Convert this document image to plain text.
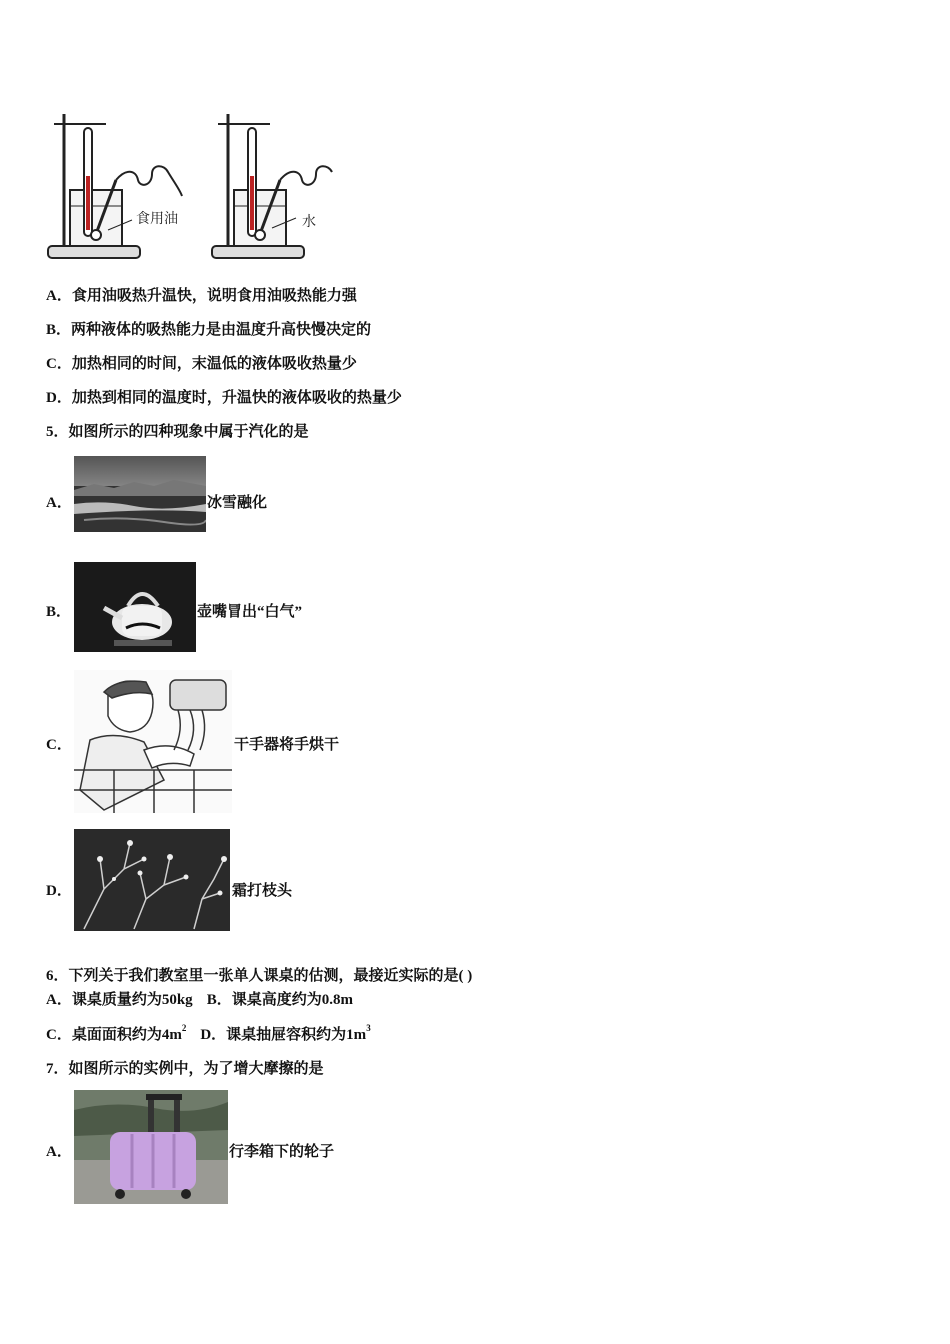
食用油	水
A．食用油吸热升温快，说明食用油吸热能力强
B．两种液体的吸热能力是由温度升高快慢决定的
C．加热相同的时间，末温低的液体吸收热量少
D．加热到相同的温度时，升温快的液体吸收的热量少
5．如图所示的四种现象中属于汽化的是
A．	冰雪融化
B．	壶嘴冒出“白气”
C．	干手器将手烘干
D．	霜打枝头
6．下列关于我们教室里一张单人课桌的估测，最接近实际的是( )
A．课桌质量约为50kg B．课桌高度约为0.8m
C．桌面面积约为$4m^2$ D．课桌抽屉容积约为$1m^3$
7．如图所示的实例中，为了增大摩擦的是
A．	行李箱下的轮子
